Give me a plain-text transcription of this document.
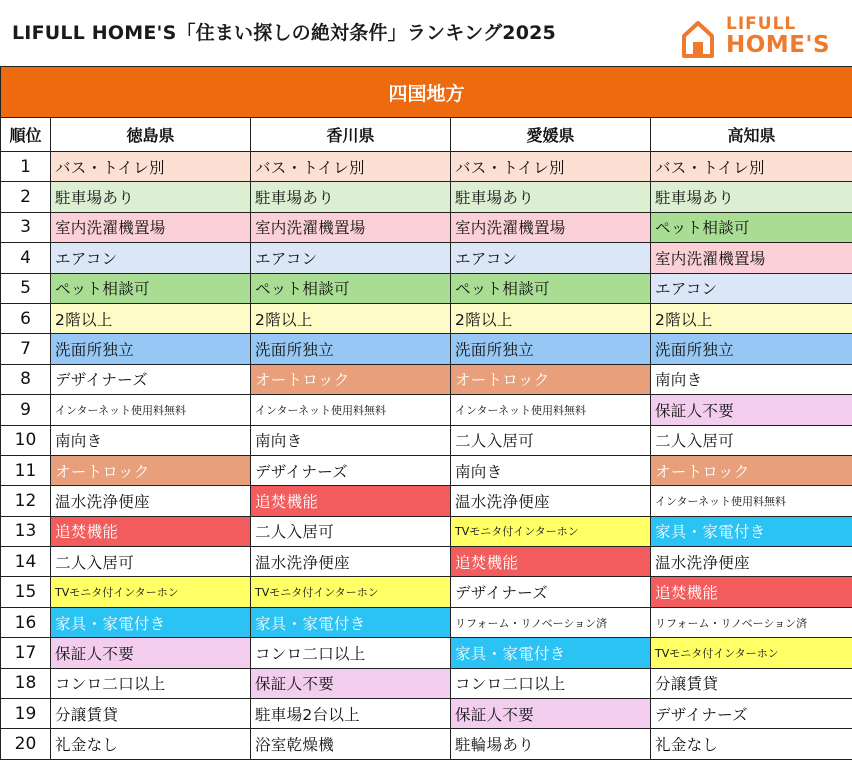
LIFULL HOME'S「住まい探しの絶対条件」ランキング2025	LIFULL
HOME'S
四国地方				
順位	徳島県	香川県	愛媛県	高知県
1	バス・トイレ別	バス・トイレ別	バス・トイレ別	バス・トイレ別
2	駐車場あり	駐車場あり	駐車場あり	駐車場あり
3	室内洗濯機置場	室内洗濯機置場	室内洗濯機置場	ペット相談可
4	エアコン	エアコン	エアコン	室内洗濯機置場
5	ペット相談可	ペット相談可	ペット相談可	エアコン
6	2階以上	2階以上	2階以上	2階以上
7	洗面所独立	洗面所独立	洗面所独立	洗面所独立
8	デザイナーズ	オートロック	オートロック	南向き
9	インターネット使用料無料	インターネット使用料無料	インターネット使用料無料	保証人不要
10	南向き	南向き	二人入居可	二人入居可
11	オートロック	デザイナーズ	南向き	オートロック
12	温水洗浄便座	追焚機能	温水洗浄便座	インターネット使用料無料
13	追焚機能	二人入居可	TVモニタ付インターホン	家具・家電付き
14	二人入居可	温水洗浄便座	追焚機能	温水洗浄便座
15	TVモニタ付インターホン	TVモニタ付インターホン	デザイナーズ	追焚機能
16	家具・家電付き	家具・家電付き	リフォーム・リノベーション済	リフォーム・リノベーション済
17	保証人不要	コンロ二口以上	家具・家電付き	TVモニタ付インターホン
18	コンロ二口以上	保証人不要	コンロ二口以上	分譲賃貸
19	分譲賃貸	駐車場2台以上	保証人不要	デザイナーズ
20	礼金なし	浴室乾燥機	駐輪場あり	礼金なし
